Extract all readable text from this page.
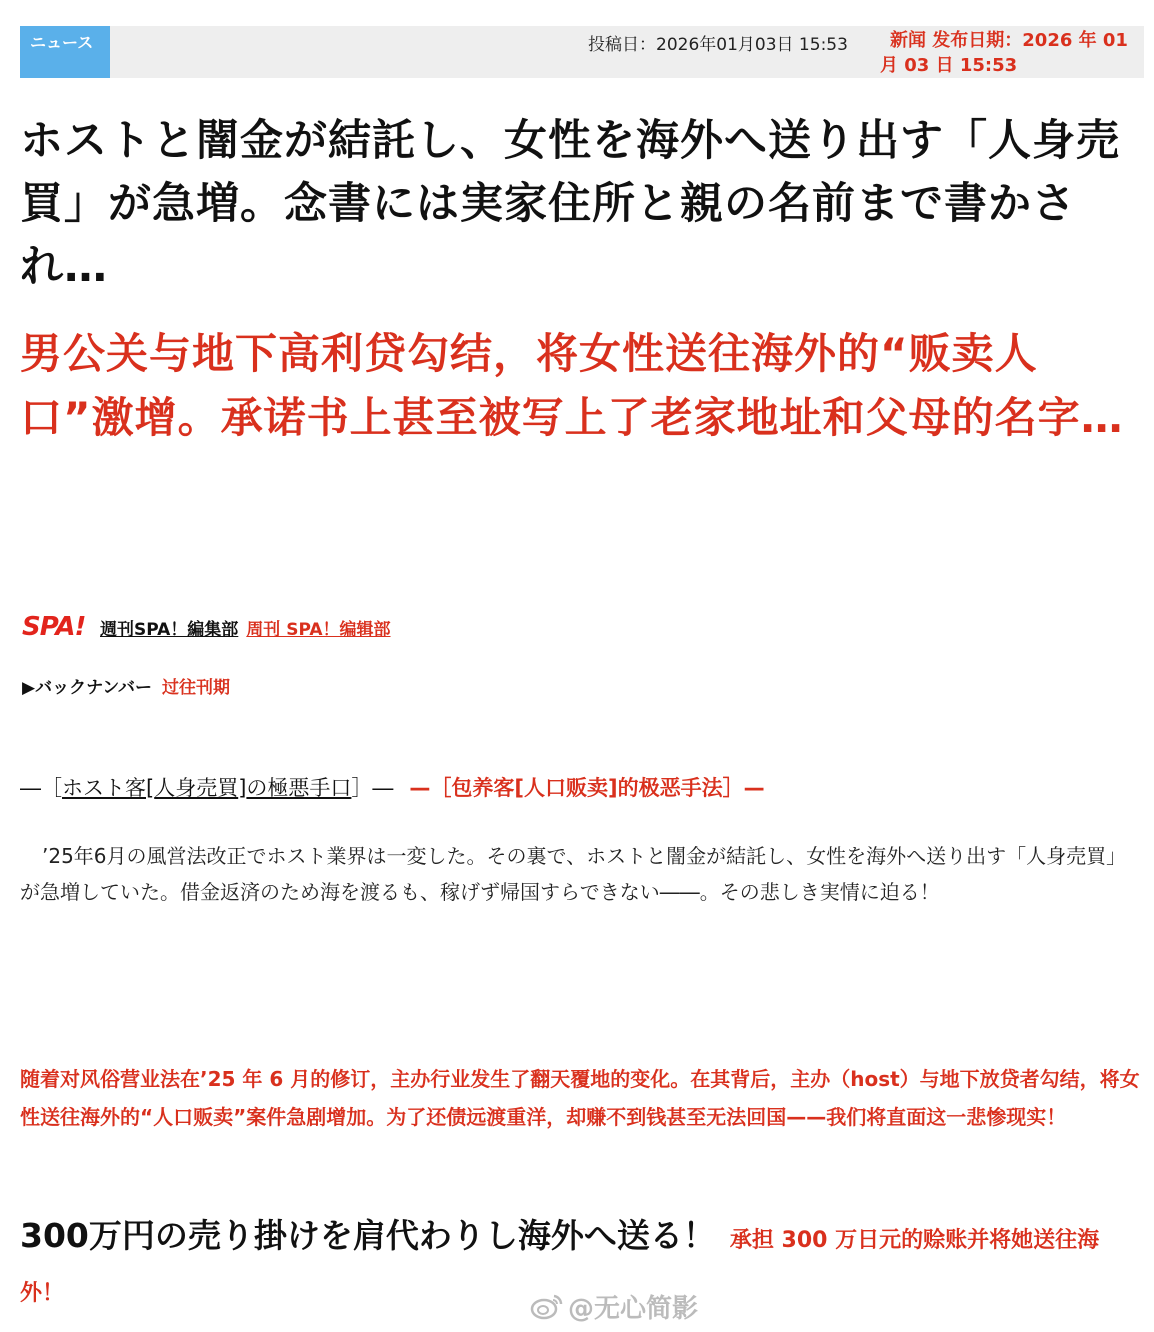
ニュース	投稿日：2026年01月03日 15:53	新闻 发布日期：2026 年 01 月 03 日 15:53
ホストと闇金が結託し、女性を海外へ送り出す「人身売買」が急増。念書には実家住所と親の名前まで書かされ…
男公关与地下高利贷勾结，将女性送往海外的“贩卖人口”激增。承诺书上甚至被写上了老家地址和父母的名字…
SPA! 週刊SPA！編集部 周刊 SPA！编辑部
▶バックナンバー 过往刊期
―［ホスト客[人身売買]の極悪手口］― —［包养客[人口贩卖]的极恶手法］—

’25年6月の風営法改正でホスト業界は一変した。その裏で、ホストと闇金が結託し、女性を海外へ送り出す「人身売買」が急増していた。借金返済のため海を渡るも、稼げず帰国すらできない――。その悲しき実情に迫る！

随着对风俗营业法在’25 年 6 月的修订，主办行业发生了翻天覆地的变化。在其背后，主办（host）与地下放贷者勾结，将女性送往海外的“人口贩卖”案件急剧增加。为了还债远渡重洋，却赚不到钱甚至无法回国——我们将直面这一悲惨现实！

300万円の売り掛けを肩代わりし海外へ送る！ 承担 300 万日元的赊账并将她送往海外！

@无心简影
